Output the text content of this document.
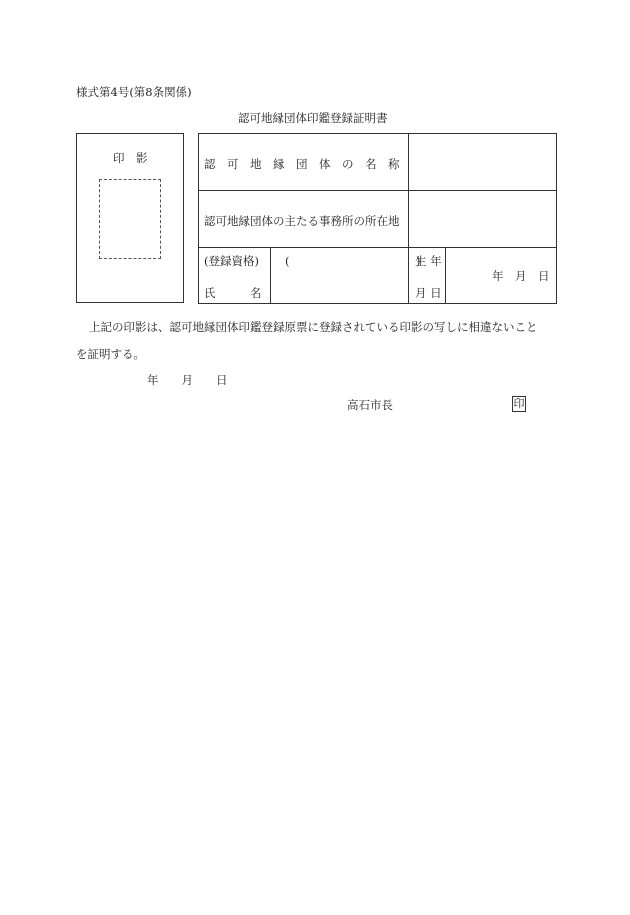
様式第4号(第8条関係)
認可地縁団体印鑑登録証明書
印　影	認　可　地　縁　団　体　の　名　称
認可地縁団体の主たる事務所の所在地
(登録資格)
氏　　　名
(　　　　　　　　　　　)
生 年
月 日
年　月　日
上記の印影は、認可地縁団体印鑑登録原票に登録されている印影の写しに相違ないこと
を証明する。
年　　月　　日
高石市長	印
